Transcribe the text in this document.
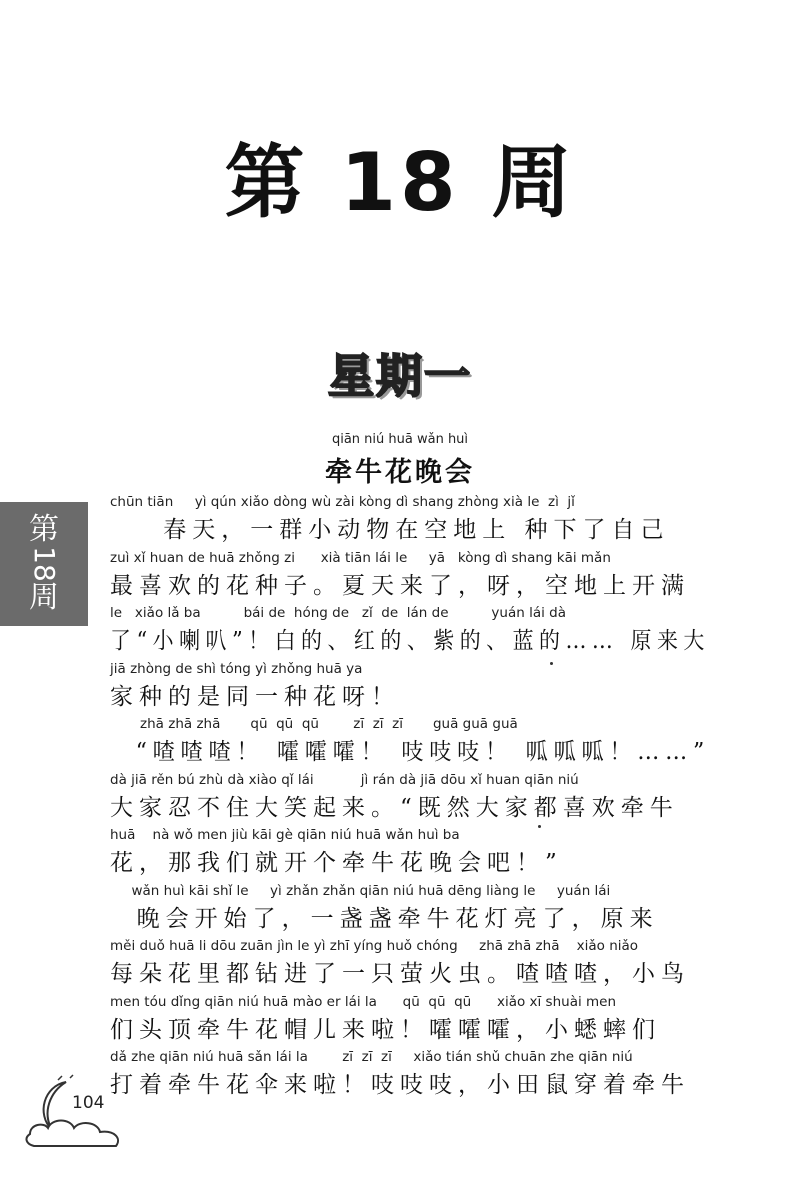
第 18 周
星期一
qiān niú huā wǎn huì
牵牛花晚会
第
18
周
chūn tiān     yì qún xiǎo dòng wù zài kòng dì shang zhòng xià le  zì  jǐ
春天，一群小动物在空地上 种下了自己
zuì xǐ huan de huā zhǒng zi      xià tiān lái le     yā   kòng dì shang kāi mǎn
最喜欢的花种子。夏天来了，呀，空地上开满
le   xiǎo lǎ ba          bái de  hóng de   zǐ  de  lán de          yuán lái dà
了“小喇叭”！白的、红的、紫的、蓝的…… 原来大
jiā zhòng de shì tóng yì zhǒng huā ya
家种的是同一种花呀！
zhā zhā zhā       qū  qū  qū        zī  zī  zī       guā guā guā
“喳喳喳！ 嚯嚯嚯！ 吱吱吱！ 呱呱呱！……”
dà jiā rěn bú zhù dà xiào qǐ lái           jì rán dà jiā dōu xǐ huan qiān niú
大家忍不住大笑起来。“既然大家都喜欢牵牛
huā    nà wǒ men jiù kāi gè qiān niú huā wǎn huì ba
花，那我们就开个牵牛花晚会吧！”
wǎn huì kāi shǐ le     yì zhǎn zhǎn qiān niú huā dēng liàng le     yuán lái
晚会开始了，一盏盏牵牛花灯亮了，原来
měi duǒ huā li dōu zuān jìn le yì zhī yíng huǒ chóng     zhā zhā zhā    xiǎo niǎo
每朵花里都钻进了一只萤火虫。喳喳喳，小鸟
men tóu dǐng qiān niú huā mào er lái la      qū  qū  qū      xiǎo xī shuài men
们头顶牵牛花帽儿来啦！嚯嚯嚯，小蟋蟀们
dǎ zhe qiān niú huā sǎn lái la        zī  zī  zī     xiǎo tián shǔ chuān zhe qiān niú
打着牵牛花伞来啦！吱吱吱，小田鼠穿着牵牛
104
